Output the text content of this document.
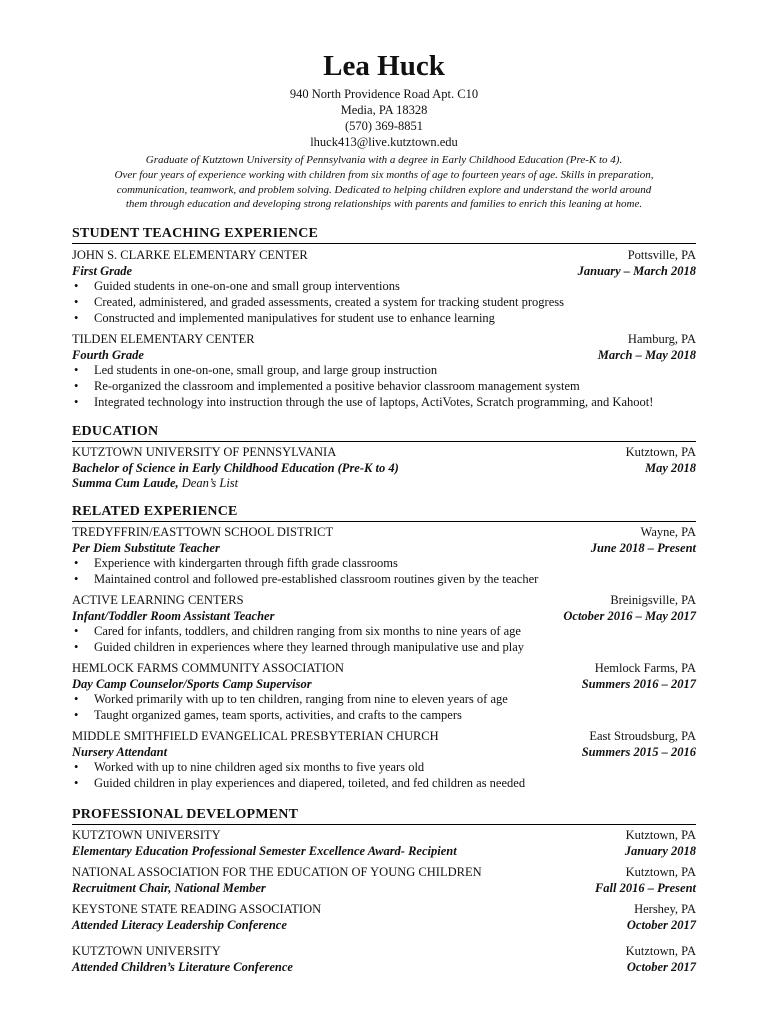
Lea Huck
940 North Providence Road Apt. C10
Media, PA 18328
(570) 369-8851
lhuck413@live.kutztown.edu
Graduate of Kutztown University of Pennsylvania with a degree in Early Childhood Education (Pre-K to 4).
Over four years of experience working with children from six months of age to fourteen years of age. Skills in preparation,
communication, teamwork, and problem solving. Dedicated to helping children explore and understand the world around
them through education and developing strong relationships with parents and families to enrich this leaning at home.
STUDENT TEACHING EXPERIENCE
JOHN S. CLARKE ELEMENTARY CENTER	Pottsville, PA
First Grade	January – March 2018
• Guided students in one-on-one and small group interventions
• Created, administered, and graded assessments, created a system for tracking student progress
• Constructed and implemented manipulatives for student use to enhance learning
TILDEN ELEMENTARY CENTER	Hamburg, PA
Fourth Grade	March – May 2018
• Led students in one-on-one, small group, and large group instruction
• Re-organized the classroom and implemented a positive behavior classroom management system
• Integrated technology into instruction through the use of laptops, ActiVotes, Scratch programming, and Kahoot!
EDUCATION
KUTZTOWN UNIVERSITY OF PENNSYLVANIA	Kutztown, PA
Bachelor of Science in Early Childhood Education (Pre-K to 4)	May 2018
Summa Cum Laude, Dean’s List
RELATED EXPERIENCE
TREDYFFRIN/EASTTOWN SCHOOL DISTRICT	Wayne, PA
Per Diem Substitute Teacher	June 2018 – Present
• Experience with kindergarten through fifth grade classrooms
• Maintained control and followed pre-established classroom routines given by the teacher
ACTIVE LEARNING CENTERS	Breinigsville, PA
Infant/Toddler Room Assistant Teacher	October 2016 – May 2017
• Cared for infants, toddlers, and children ranging from six months to nine years of age
• Guided children in experiences where they learned through manipulative use and play
HEMLOCK FARMS COMMUNITY ASSOCIATION	Hemlock Farms, PA
Day Camp Counselor/Sports Camp Supervisor	Summers 2016 – 2017
• Worked primarily with up to ten children, ranging from nine to eleven years of age
• Taught organized games, team sports, activities, and crafts to the campers
MIDDLE SMITHFIELD EVANGELICAL PRESBYTERIAN CHURCH	East Stroudsburg, PA
Nursery Attendant	Summers 2015 – 2016
• Worked with up to nine children aged six months to five years old
• Guided children in play experiences and diapered, toileted, and fed children as needed
PROFESSIONAL DEVELOPMENT
KUTZTOWN UNIVERSITY	Kutztown, PA
Elementary Education Professional Semester Excellence Award- Recipient	January 2018
NATIONAL ASSOCIATION FOR THE EDUCATION OF YOUNG CHILDREN	Kutztown, PA
Recruitment Chair, National Member	Fall 2016 – Present
KEYSTONE STATE READING ASSOCIATION	Hershey, PA
Attended Literacy Leadership Conference	October 2017
KUTZTOWN UNIVERSITY	Kutztown, PA
Attended Children’s Literature Conference	October 2017
